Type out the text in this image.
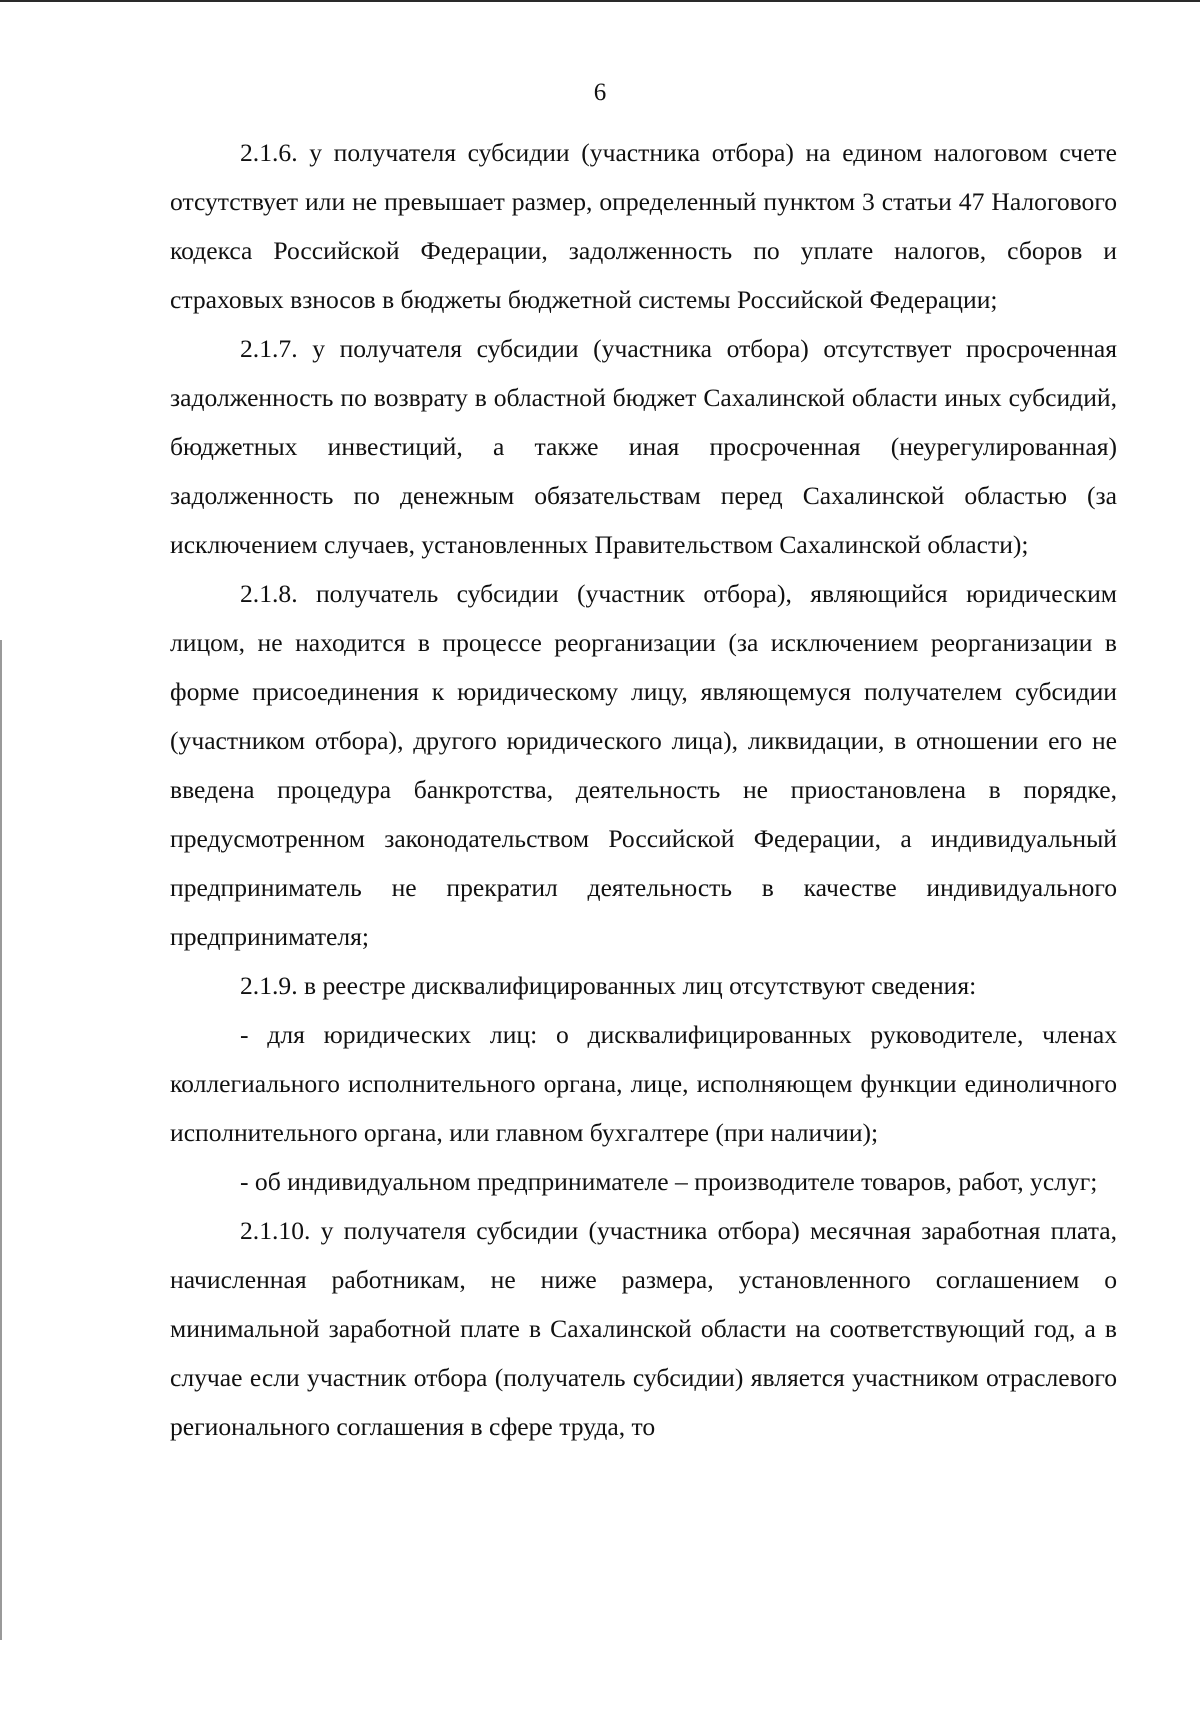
6

2.1.6. у получателя субсидии (участника отбора) на едином налоговом счете отсутствует или не превышает размер, определенный пунктом 3 статьи 47 Налогового кодекса Российской Федерации, задолженность по уплате налогов, сборов и страховых взносов в бюджеты бюджетной системы Российской Федерации;

2.1.7. у получателя субсидии (участника отбора) отсутствует просроченная задолженность по возврату в областной бюджет Сахалинской области иных субсидий, бюджетных инвестиций, а также иная просроченная (неурегулированная) задолженность по денежным обязательствам перед Сахалинской областью (за исключением случаев, установленных Правительством Сахалинской области);

2.1.8. получатель субсидии (участник отбора), являющийся юридическим лицом, не находится в процессе реорганизации (за исключением реорганизации в форме присоединения к юридическому лицу, являющемуся получателем субсидии (участником отбора), другого юридического лица), ликвидации, в отношении его не введена процедура банкротства, деятельность не приостановлена в порядке, предусмотренном законодательством Российской Федерации, а индивидуальный предприниматель не прекратил деятельность в качестве индивидуального предпринимателя;

2.1.9. в реестре дисквалифицированных лиц отсутствуют сведения:

- для юридических лиц: о дисквалифицированных руководителе, членах коллегиального исполнительного органа, лице, исполняющем функции единоличного исполнительного органа, или главном бухгалтере (при наличии);

- об индивидуальном предпринимателе – производителе товаров, работ, услуг;

2.1.10. у получателя субсидии (участника отбора) месячная заработная плата, начисленная работникам, не ниже размера, установленного соглашением о минимальной заработной плате в Сахалинской области на соответствующий год, а в случае если участник отбора (получатель субсидии) является участником отраслевого регионального соглашения в сфере труда, то
